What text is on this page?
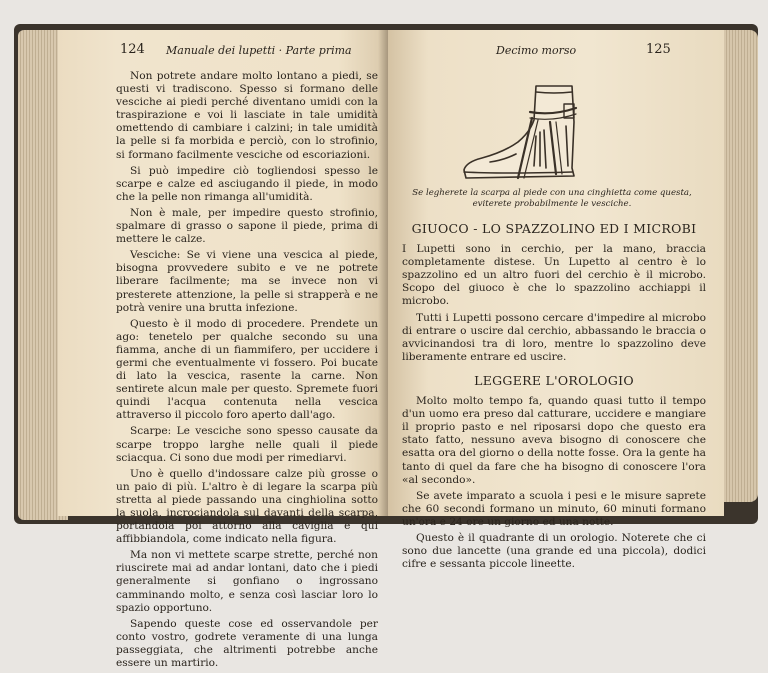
124 Manuale dei lupetti · Parte prima

Non potrete andare molto lontano a piedi, se questi vi tradiscono. Spesso si formano delle vesciche ai piedi perché diventano umidi con la traspirazione e voi li lasciate in tale umidità omettendo di cambiare i calzini; in tale umidità la pelle si fa morbida e perciò, con lo strofinio, si formano facilmente vesciche od escoriazioni.

Si può impedire ciò togliendosi spesso le scarpe e calze ed asciugando il piede, in modo che la pelle non rimanga all'umidità.

Non è male, per impedire questo strofinio, spalmare di grasso o sapone il piede, prima di mettere le calze.

Vesciche: Se vi viene una vescica al piede, bisogna provvedere subito e ve ne potrete liberare facilmente; ma se invece non vi presterete attenzione, la pelle si strapperà e ne potrà venire una brutta infezione.

Questo è il modo di procedere. Prendete un ago: tenetelo per qualche secondo su una fiamma, anche di un fiammifero, per uccidere i germi che eventualmente vi fossero. Poi bucate di lato la vescica, rasente la carne. Non sentirete alcun male per questo. Spremete fuori quindi l'acqua contenuta nella vescica attraverso il piccolo foro aperto dall'ago.

Scarpe: Le vesciche sono spesso causate da scarpe troppo larghe nelle quali il piede sciacqua. Ci sono due modi per rimediarvi.

Uno è quello d'indossare calze più grosse o un paio di più. L'altro è di legare la scarpa più stretta al piede passando una cinghiolina sotto la suola, incrociandola sul davanti della scarpa, portandola poi attorno alla caviglia e qui affibbiandola, come indicato nella figura.

Ma non vi mettete scarpe strette, perché non riuscirete mai ad andar lontani, dato che i piedi generalmente si gonfiano o ingrossano camminando molto, e senza così lasciar loro lo spazio opportuno.

Sapendo queste cose ed osservandole per conto vostro, godrete veramente di una lunga passeggiata, che altrimenti potrebbe anche essere un martirio.

Decimo morso	125
Se legherete la scarpa al piede con una cinghietta come questa, eviterete probabilmente le vesciche.
GIUOCO - LO SPAZZOLINO ED I MICROBI

I Lupetti sono in cerchio, per la mano, braccia completamente distese. Un Lupetto al centro è lo spazzolino ed un altro fuori del cerchio è il microbo. Scopo del giuoco è che lo spazzolino acchiappi il microbo.

Tutti i Lupetti possono cercare d'impedire al microbo di entrare o uscire dal cerchio, abbassando le braccia o avvicinandosi tra di loro, mentre lo spazzolino deve liberamente entrare ed uscire.

LEGGERE L'OROLOGIO

Molto molto tempo fa, quando quasi tutto il tempo d'un uomo era preso dal catturare, uccidere e mangiare il proprio pasto e nel riposarsi dopo che questo era stato fatto, nessuno aveva bisogno di conoscere che esatta ora del giorno o della notte fosse. Ora la gente ha tanto di quel da fare che ha bisogno di conoscere l'ora «al secondo».

Se avete imparato a scuola i pesi e le misure saprete che 60 secondi formano un minuto, 60 minuti formano un'ora e 24 ore un giorno ed una notte.

Questo è il quadrante di un orologio. Noterete che ci sono due lancette (una grande ed una piccola), dodici cifre e sessanta piccole lineette.
